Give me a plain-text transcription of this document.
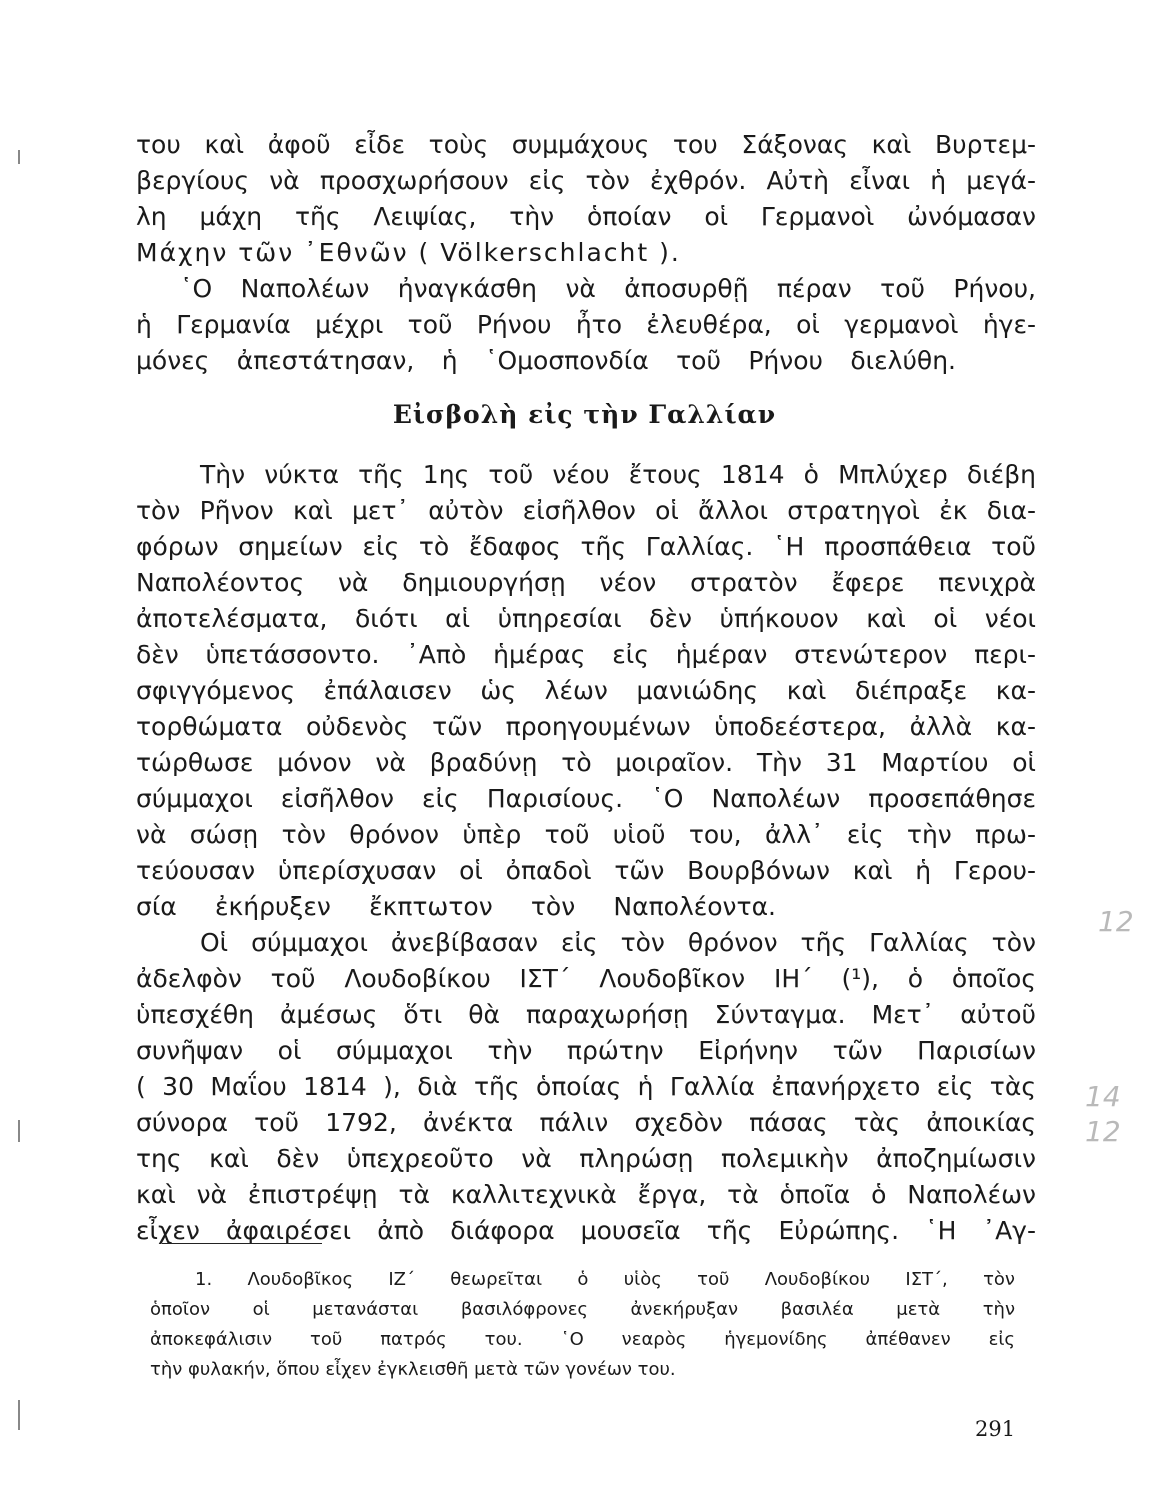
του καὶ ἀφοῦ εἶδε τοὺς συμμάχους του Σάξονας καὶ Βυρτεμ-
βεργίους νὰ προσχωρήσουν εἰς τὸν ἐχθρόν. Αὐτὴ εἶναι ἡ μεγά-
λη μάχη τῆς Λειψίας, τὴν ὁποίαν οἱ Γερμανοὶ ὠνόμασαν
Μάχην τῶν ᾽Εθνῶν ( Völkerschlacht ).
῾Ο Ναπολέων ἠναγκάσθη νὰ ἀποσυρθῇ πέραν τοῦ Ρήνου,
ἡ Γερμανία μέχρι τοῦ Ρήνου ἦτο ἐλευθέρα, οἱ γερμανοὶ ἡγε-
μόνες ἀπεστάτησαν, ἡ ῾Ομοσπονδία τοῦ Ρήνου διελύθη.
Εἰσβολὴ εἰς τὴν Γαλλίαν
Τὴν νύκτα τῆς 1ης τοῦ νέου ἔτους 1814 ὁ Μπλύχερ διέβη
τὸν Ρῆνον καὶ μετ᾽ αὐτὸν εἰσῆλθον οἱ ἄλλοι στρατηγοὶ ἐκ δια-
φόρων σημείων εἰς τὸ ἔδαφος τῆς Γαλλίας. ῾Η προσπάθεια τοῦ
Ναπολέοντος νὰ δημιουργήσῃ νέον στρατὸν ἔφερε πενιχρὰ
ἀποτελέσματα, διότι αἱ ὑπηρεσίαι δὲν ὑπήκουον καὶ οἱ νέοι
δὲν ὑπετάσσοντο. ᾽Απὸ ἡμέρας εἰς ἡμέραν στενώτερον περι-
σφιγγόμενος ἐπάλαισεν ὡς λέων μανιώδης καὶ διέπραξε κα-
τορθώματα οὐδενὸς τῶν προηγουμένων ὑποδεέστερα, ἀλλὰ κα-
τώρθωσε μόνον νὰ βραδύνῃ τὸ μοιραῖον. Τὴν 31 Μαρτίου οἱ
σύμμαχοι εἰσῆλθον εἰς Παρισίους. ῾Ο Ναπολέων προσεπάθησε
νὰ σώσῃ τὸν θρόνον ὑπὲρ τοῦ υἱοῦ του, ἀλλ᾽ εἰς τὴν πρω-
τεύουσαν ὑπερίσχυσαν οἱ ὀπαδοὶ τῶν Βουρβόνων καὶ ἡ Γερου-
σία ἐκήρυξεν ἔκπτωτον τὸν Ναπολέοντα.
Οἱ σύμμαχοι ἀνεβίβασαν εἰς τὸν θρόνον τῆς Γαλλίας τὸν
ἀδελφὸν τοῦ Λουδοβίκου ΙΣΤ΄ Λουδοβῖκον ΙΗ΄ (¹), ὁ ὁποῖος
ὑπεσχέθη ἀμέσως ὅτι θὰ παραχωρήσῃ Σύνταγμα. Μετ᾽ αὐτοῦ
συνῆψαν οἱ σύμμαχοι τὴν πρώτην Εἰρήνην τῶν Παρισίων
( 30 Μαΐου 1814 ), διὰ τῆς ὁποίας ἡ Γαλλία ἐπανήρχετο εἰς τὰς
σύνορα τοῦ 1792, ἀνέκτα πάλιν σχεδὸν πάσας τὰς ἀποικίας
της καὶ δὲν ὑπεχρεοῦτο νὰ πληρώσῃ πολεμικὴν ἀποζημίωσιν
καὶ νὰ ἐπιστρέψῃ τὰ καλλιτεχνικὰ ἔργα, τὰ ὁποῖα ὁ Ναπολέων
εἶχεν ἀφαιρέσει ἀπὸ διάφορα μουσεῖα τῆς Εὐρώπης. ῾Η ᾽Αγ-
1. Λουδοβῖκος ΙΖ΄ θεωρεῖται ὁ υἱὸς τοῦ Λουδοβίκου ΙΣΤ΄, τὸν
ὁποῖον οἱ μετανάσται βασιλόφρονες ἀνεκήρυξαν βασιλέα μετὰ τὴν
ἀποκεφάλισιν τοῦ πατρός του. ῾Ο νεαρὸς ἡγεμονίδης ἀπέθανεν εἰς
τὴν φυλακήν, ὅπου εἶχεν ἐγκλεισθῆ μετὰ τῶν γονέων του.
291
12
14
12
